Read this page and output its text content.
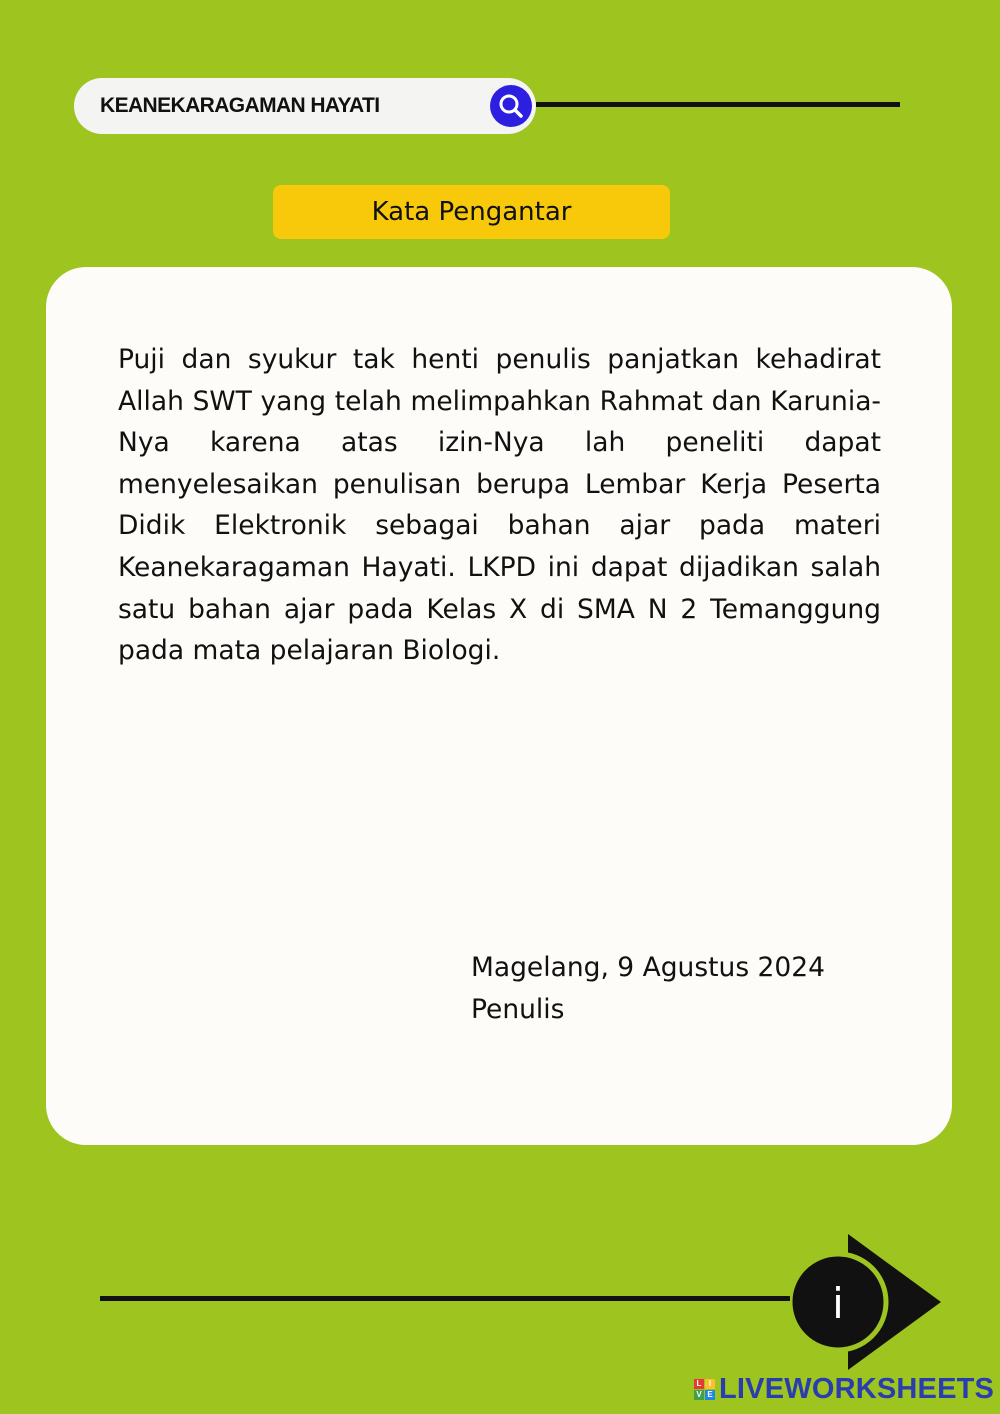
KEANEKARAGAMAN HAYATI
Kata Pengantar

Puji dan syukur tak henti penulis panjatkan kehadirat Allah SWT yang telah melimpahkan Rahmat dan Karunia-Nya karena atas izin-Nya lah peneliti dapat menyelesaikan penulisan berupa Lembar Kerja Peserta Didik Elektronik sebagai bahan ajar pada materi Keanekaragaman Hayati. LKPD ini dapat dijadikan salah satu bahan ajar pada Kelas X di SMA N 2 Temanggung pada mata pelajaran Biologi.

Magelang, 9 Agustus 2024
Penulis
i
L I
V E LIVEWORKSHEETS
